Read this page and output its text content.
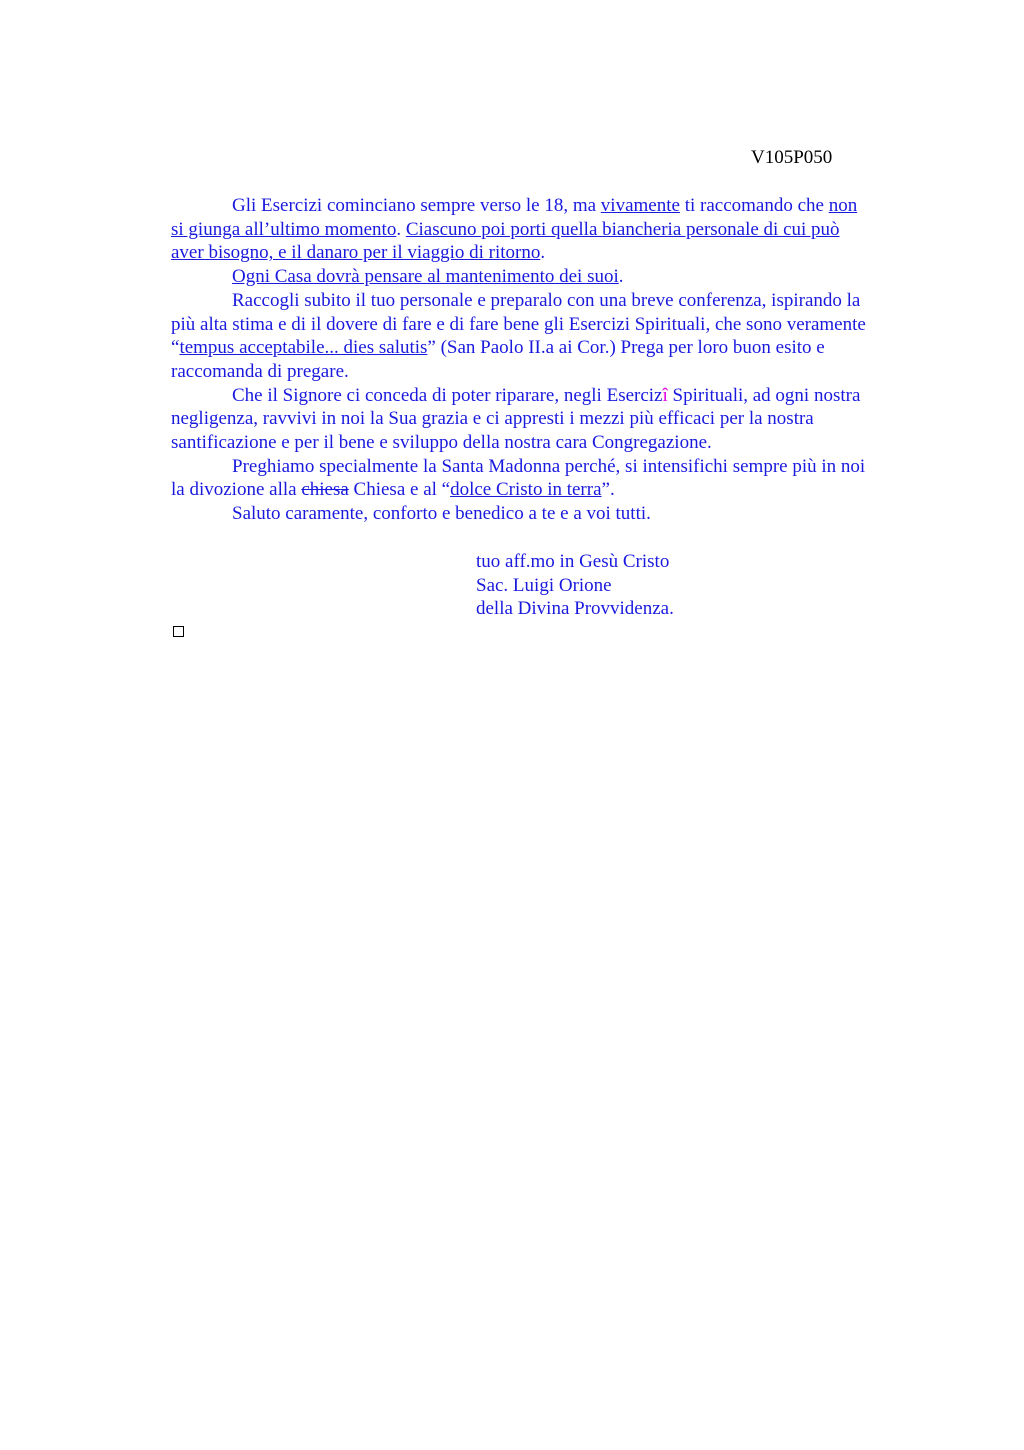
V105P050

Gli Esercizi cominciano sempre verso le 18, ma vivamente ti raccomando che non
si giunga all’ultimo momento. Ciascuno poi porti quella biancheria personale di cui può
aver bisogno, e il danaro per il viaggio di ritorno.

Ogni Casa dovrà pensare al mantenimento dei suoi.

Raccogli subito il tuo personale e preparalo con una breve conferenza, ispirando la
più alta stima e di il dovere di fare e di fare bene gli Esercizi Spirituali, che sono veramente
“tempus acceptabile... dies salutis” (San Paolo II.a ai Cor.) Prega per loro buon esito e
raccomanda di pregare.

Che il Signore ci conceda di poter riparare, negli Esercizî Spirituali, ad ogni nostra
negligenza, ravvivi in noi la Sua grazia e ci appresti i mezzi più efficaci per la nostra
santificazione e per il bene e sviluppo della nostra cara Congregazione.

Preghiamo specialmente la Santa Madonna perché, si intensifichi sempre più in noi
la divozione alla chiesa Chiesa e al “dolce Cristo in terra”.

Saluto caramente, conforto e benedico a te e a voi tutti.

tuo aff.mo in Gesù Cristo
Sac. Luigi Orione
della Divina Provvidenza.
